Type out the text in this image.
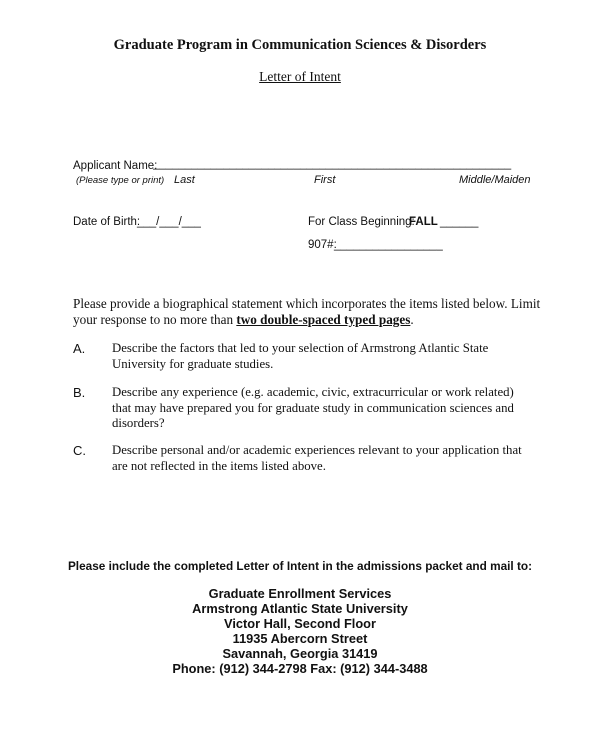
Graduate Program in Communication Sciences & Disorders
Letter of Intent
Applicant Name:
________________________________________________________
(Please type or print) Last	First	Middle/Maiden
Date of Birth:
___/___/___	For Class Beginning:
FALL ______
907#:
_________________
Please provide a biographical statement which incorporates the items listed below. Limit
your response to no more than two double-spaced typed pages.
A. Describe the factors that led to your selection of Armstrong Atlantic State University for graduate studies.
B. Describe any experience (e.g. academic, civic, extracurricular or work related) that may have prepared you for graduate study in communication sciences and disorders?
C. Describe personal and/or academic experiences relevant to your application that are not reflected in the items listed above.
Please include the completed Letter of Intent in the admissions packet and mail to:
Graduate Enrollment Services
Armstrong Atlantic State University
Victor Hall, Second Floor
11935 Abercorn Street
Savannah, Georgia 31419
Phone: (912) 344-2798 Fax: (912) 344-3488
